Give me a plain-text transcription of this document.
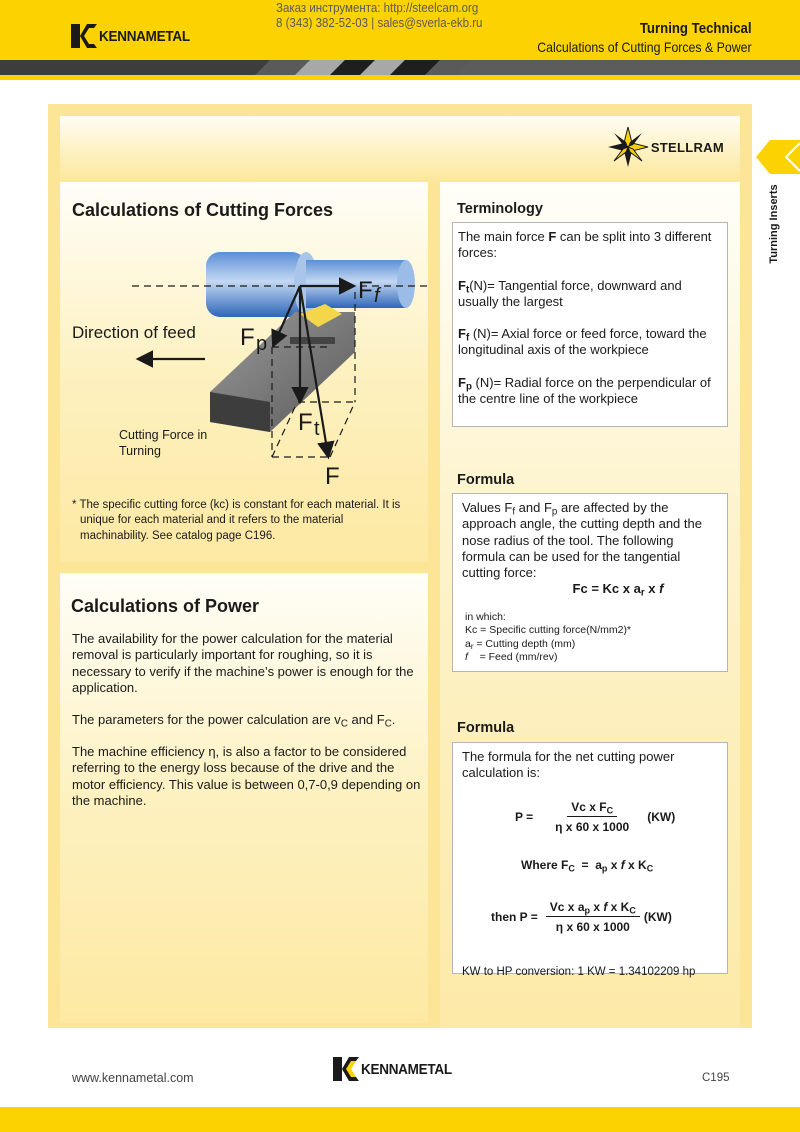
KENNAMETAL
Заказ инструмента: http://steelcam.org
8 (343) 382-52-03 | sales@sverla-ekb.ru	Turning Technical
Calculations of Cutting Forces & Power
STELLRAM
Turning Inserts
Calculations of Cutting Forces
Direction of feed
F f
F p
F t
F
Cutting Force in
Turning
* The specific cutting force (kc) is constant for each material. It is unique for each material and it refers to the material machinability. See catalog page C196.
Calculations of Power
The availability for the power calculation for the material removal is particularly important for roughing, so it is necessary to verify if the machine’s power is enough for the application.
The parameters for the power calculation are $v_C$ and $F_C$.
The machine efficiency η, is also a factor to be considered referring to the energy loss because of the drive and the motor efficiency. This value is between 0,7-0,9 depending on the machine.
Terminology
The main force F can be split into 3 different forces:
$F_t(N)=$ Tangential force, downward and usually the largest
$F_f$ (N)= Axial force or feed force, toward the longitudinal axis of the workpiece
$F_p$ (N)= Radial force on the perpendicular of the centre line of the workpiece
Formula
Values $F_f$ and $F_p$ are affected by the approach angle, the cutting depth and the nose radius of the tool. The following formula can be used for the tangential cutting force:
Fc = Kc x $a_r$ x f
in which:
Kc = Specific cutting force(N/mm2)*
$a_r$ = Cutting depth (mm)
f    = Feed (mm/rev)
Formula
The formula for the net cutting power calculation is:
$P = \frac{Vc x F_C}{\text{η x 60 x 1000}} (KW)$
Where $F_C = a_p$ x f x $K_C$
then $P = \frac{Vc x a_p x f x K_C}{\text{η x 60 x 1000}} (KW)$
KW to HP conversion: 1 KW = 1.34102209 hp
www.kennametal.com
KENNAMETAL
C195
